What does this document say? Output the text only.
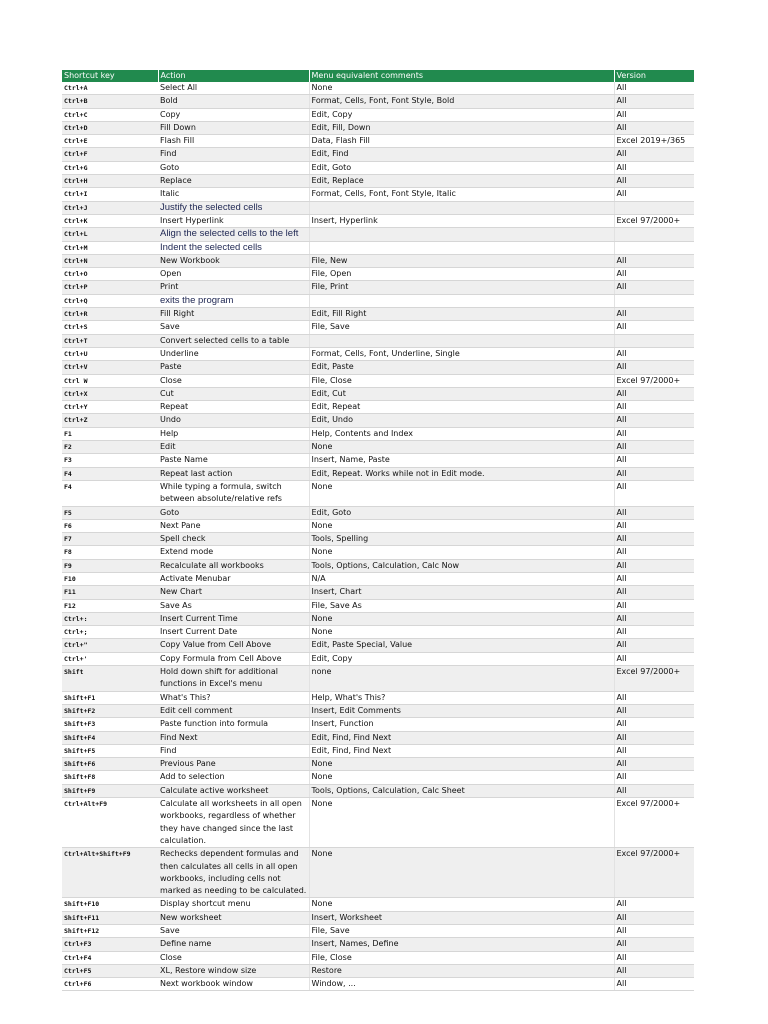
Shortcut key	Action	Menu equivalent comments	Version
Ctrl+A	Select All	None	All
Ctrl+B	Bold	Format, Cells, Font, Font Style, Bold	All
Ctrl+C	Copy	Edit, Copy	All
Ctrl+D	Fill Down	Edit, Fill, Down	All
Ctrl+E	Flash Fill	Data, Flash Fill	Excel 2019+/365
Ctrl+F	Find	Edit, Find	All
Ctrl+G	Goto	Edit, Goto	All
Ctrl+H	Replace	Edit, Replace	All
Ctrl+I	Italic	Format, Cells, Font, Font Style, Italic	All
Ctrl+J	Justify the selected cells		
Ctrl+K	Insert Hyperlink	Insert, Hyperlink	Excel 97/2000+
Ctrl+L	Align the selected cells to the left		
Ctrl+M	Indent the selected cells		
Ctrl+N	New Workbook	File, New	All
Ctrl+O	Open	File, Open	All
Ctrl+P	Print	File, Print	All
Ctrl+Q	exits the program		
Ctrl+R	Fill Right	Edit, Fill Right	All
Ctrl+S	Save	File, Save	All
Ctrl+T	Convert selected cells to a table		
Ctrl+U	Underline	Format, Cells, Font, Underline, Single	All
Ctrl+V	Paste	Edit, Paste	All
Ctrl W	Close	File, Close	Excel 97/2000+
Ctrl+X	Cut	Edit, Cut	All
Ctrl+Y	Repeat	Edit, Repeat	All
Ctrl+Z	Undo	Edit, Undo	All
F1	Help	Help, Contents and Index	All
F2	Edit	None	All
F3	Paste Name	Insert, Name, Paste	All
F4	Repeat last action	Edit, Repeat. Works while not in Edit mode.	All
F4	While typing a formula, switch between absolute/relative refs	None	All
F5	Goto	Edit, Goto	All
F6	Next Pane	None	All
F7	Spell check	Tools, Spelling	All
F8	Extend mode	None	All
F9	Recalculate all workbooks	Tools, Options, Calculation, Calc Now	All
F10	Activate Menubar	N/A	All
F11	New Chart	Insert, Chart	All
F12	Save As	File, Save As	All
Ctrl+:	Insert Current Time	None	All
Ctrl+;	Insert Current Date	None	All
Ctrl+"	Copy Value from Cell Above	Edit, Paste Special, Value	All
Ctrl+'	Copy Formula from Cell Above	Edit, Copy	All
Shift	Hold down shift for additional functions in Excel's menu	none	Excel 97/2000+
Shift+F1	What's This?	Help, What's This?	All
Shift+F2	Edit cell comment	Insert, Edit Comments	All
Shift+F3	Paste function into formula	Insert, Function	All
Shift+F4	Find Next	Edit, Find, Find Next	All
Shift+F5	Find	Edit, Find, Find Next	All
Shift+F6	Previous Pane	None	All
Shift+F8	Add to selection	None	All
Shift+F9	Calculate active worksheet	Tools, Options, Calculation, Calc Sheet	All
Ctrl+Alt+F9	Calculate all worksheets in all open workbooks, regardless of whether they have changed since the last calculation.	None	Excel 97/2000+
Ctrl+Alt+Shift+F9	Rechecks dependent formulas and then calculates all cells in all open workbooks, including cells not marked as needing to be calculated.	None	Excel 97/2000+
Shift+F10	Display shortcut menu	None	All
Shift+F11	New worksheet	Insert, Worksheet	All
Shift+F12	Save	File, Save	All
Ctrl+F3	Define name	Insert, Names, Define	All
Ctrl+F4	Close	File, Close	All
Ctrl+F5	XL, Restore window size	Restore	All
Ctrl+F6	Next workbook window	Window, ...	All
